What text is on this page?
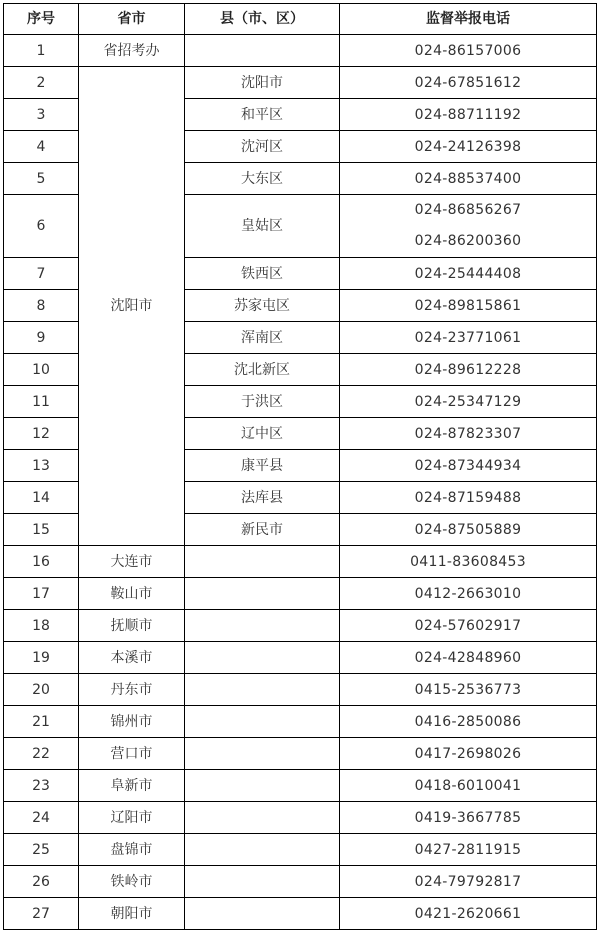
序号	省市	县（市、区）	监督举报电话
1	省招考办		024-86157006
2	沈阳市	沈阳市	024-67851612
3		和平区	024-88711192
4		沈河区	024-24126398
5		大东区	024-88537400
6		皇姑区	024-86856267
024-86200360

7		铁西区	024-25444408
8		苏家屯区	024-89815861
9		浑南区	024-23771061
10		沈北新区	024-89612228
11		于洪区	024-25347129
12		辽中区	024-87823307
13		康平县	024-87344934
14		法库县	024-87159488
15		新民市	024-87505889
16	大连市		0411-83608453
17	鞍山市		0412-2663010
18	抚顺市		024-57602917
19	本溪市		024-42848960
20	丹东市		0415-2536773
21	锦州市		0416-2850086
22	营口市		0417-2698026
23	阜新市		0418-6010041
24	辽阳市		0419-3667785
25	盘锦市		0427-2811915
26	铁岭市		024-79792817
27	朝阳市		0421-2620661
